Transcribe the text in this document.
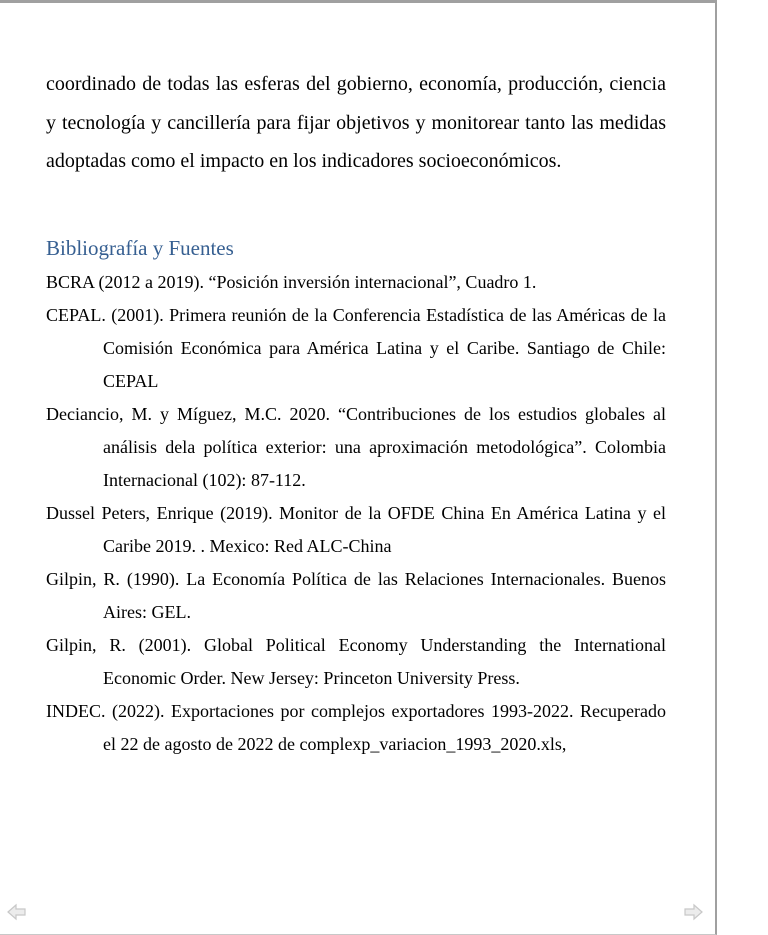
coordinado de todas las esferas del gobierno, economía, producción, ciencia y tecnología y cancillería para fijar objetivos y monitorear tanto las medidas adoptadas como el impacto en los indicadores socioeconómicos.

Bibliografía y Fuentes
BCRA (2012 a 2019). “Posición inversión internacional”, Cuadro 1.
CEPAL. (2001). Primera reunión de la Conferencia Estadística de las Américas de la Comisión Económica para América Latina y el Caribe. Santiago de Chile: CEPAL
Deciancio, M. y Míguez, M.C. 2020. “Contribuciones de los estudios globales al análisis dela política exterior: una aproximación metodológica”. Colombia Internacional (102): 87-112.
Dussel Peters, Enrique (2019). Monitor de la OFDE China En América Latina y el Caribe 2019. . Mexico: Red ALC-China
Gilpin, R. (1990). La Economía Política de las Relaciones Internacionales. Buenos Aires: GEL.
Gilpin, R. (2001). Global Political Economy Understanding the International Economic Order. New Jersey: Princeton University Press.
INDEC. (2022). Exportaciones por complejos exportadores 1993-2022. Recuperado el 22 de agosto de 2022 de complexp_variacion_1993_2020.xls,
